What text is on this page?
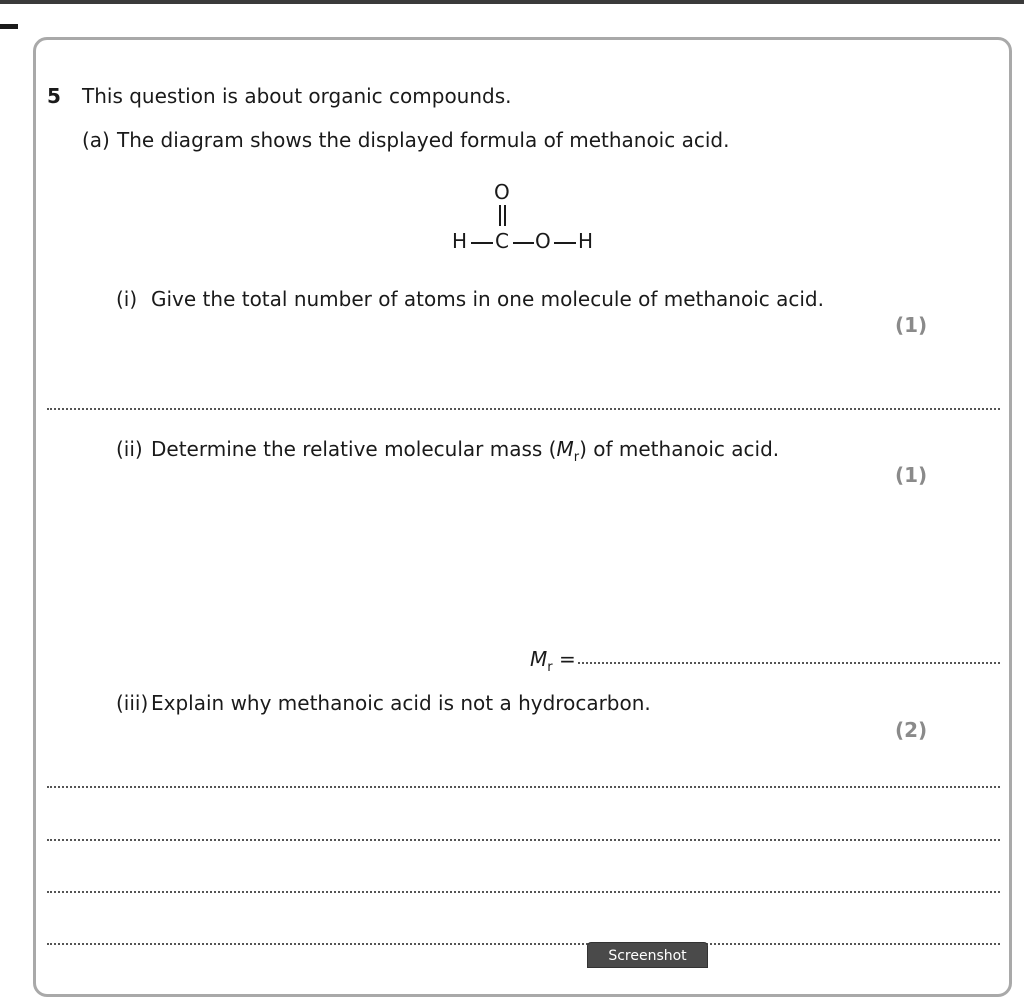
5 This question is about organic compounds.
(a) The diagram shows the displayed formula of methanoic acid.
O
H C O H
(i) Give the total number of atoms in one molecule of methanoic acid.
(1)
(ii) Determine the relative molecular mass $(M_r)$ of methanoic acid.
(1)
$M_r$ =
(iii) Explain why methanoic acid is not a hydrocarbon.
(2)
Screenshot
